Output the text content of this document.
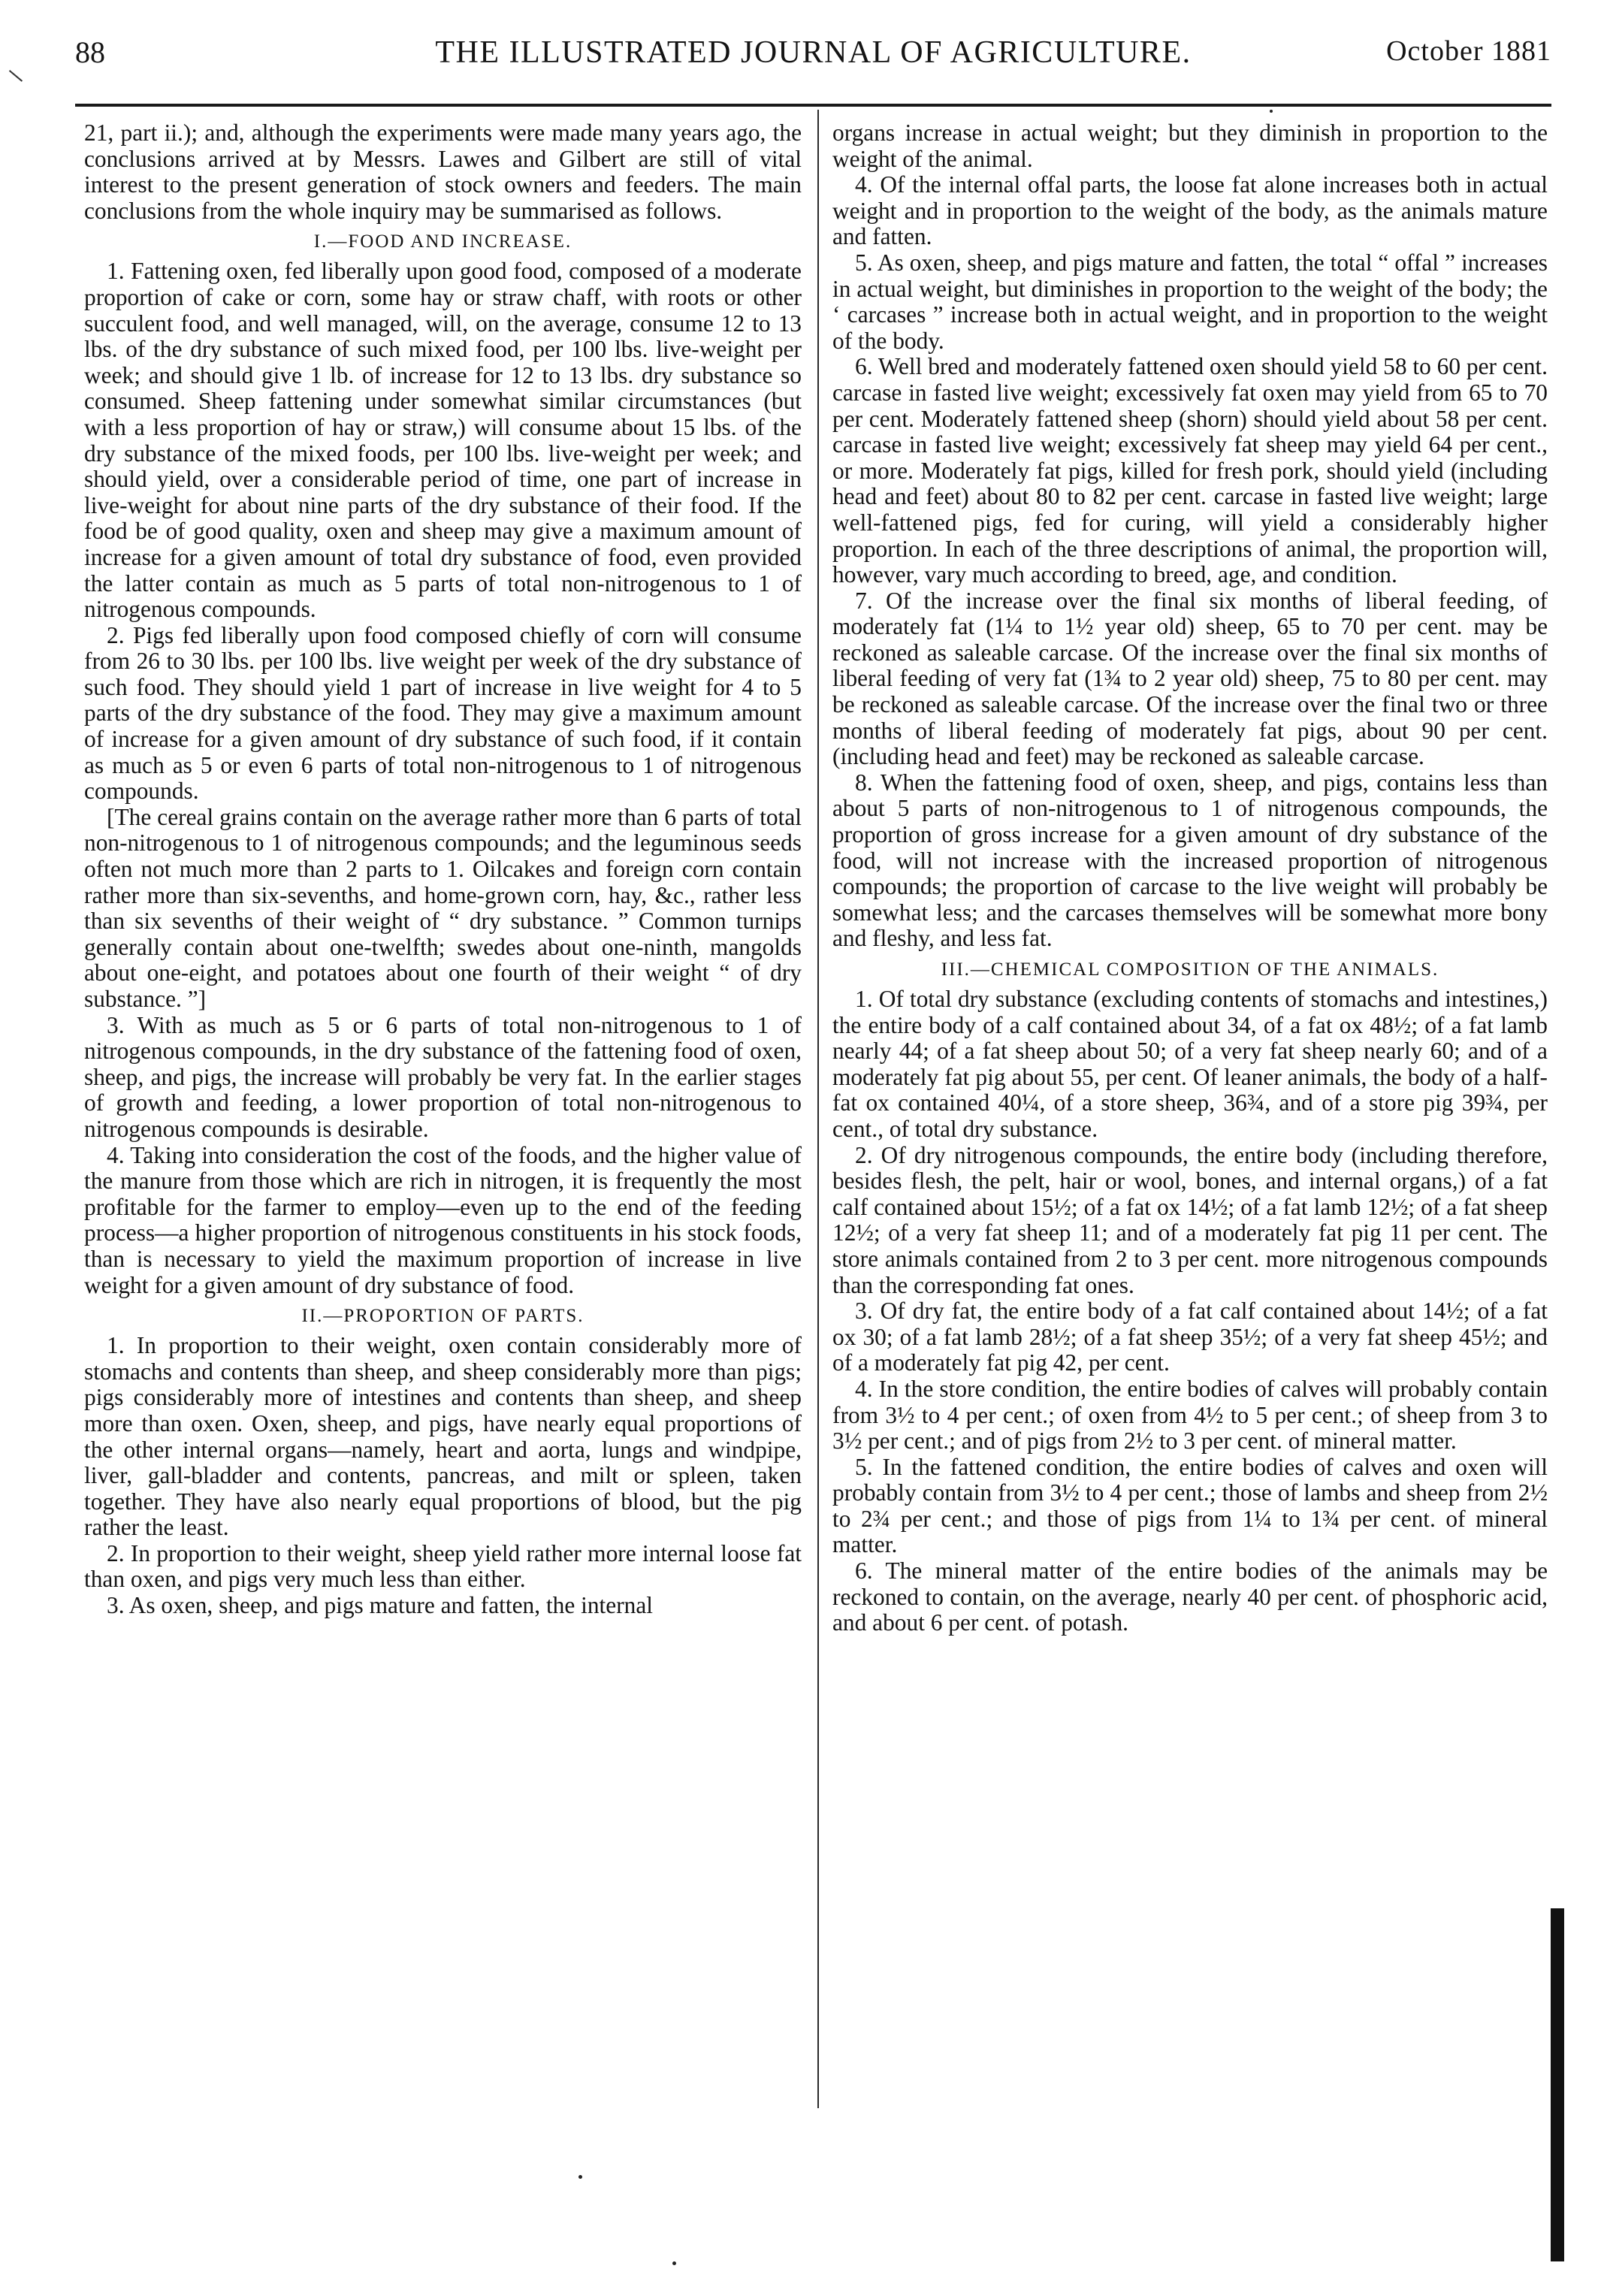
88	THE ILLUSTRATED JOURNAL OF AGRICULTURE.	October 1881

21, part ii.); and, although the experiments were made many years ago, the conclusions arrived at by Messrs. Lawes and Gilbert are still of vital interest to the present generation of stock owners and feeders. The main conclusions from the whole inquiry may be summarised as follows.

I.—FOOD AND INCREASE.

1. Fattening oxen, fed liberally upon good food, composed of a moderate proportion of cake or corn, some hay or straw chaff, with roots or other succulent food, and well managed, will, on the average, consume 12 to 13 lbs. of the dry substance of such mixed food, per 100 lbs. live-weight per week; and should give 1 lb. of increase for 12 to 13 lbs. dry substance so consumed. Sheep fattening under somewhat similar circumstances (but with a less proportion of hay or straw,) will consume about 15 lbs. of the dry substance of the mixed foods, per 100 lbs. live-weight per week; and should yield, over a considerable period of time, one part of increase in live-weight for about nine parts of the dry substance of their food. If the food be of good quality, oxen and sheep may give a maximum amount of increase for a given amount of total dry substance of food, even provided the latter contain as much as 5 parts of total non-nitrogenous to 1 of nitrogenous compounds.

2. Pigs fed liberally upon food composed chiefly of corn will consume from 26 to 30 lbs. per 100 lbs. live weight per week of the dry substance of such food. They should yield 1 part of increase in live weight for 4 to 5 parts of the dry substance of the food. They may give a maximum amount of increase for a given amount of dry substance of such food, if it contain as much as 5 or even 6 parts of total non-nitrogenous to 1 of nitrogenous compounds.

[The cereal grains contain on the average rather more than 6 parts of total non-nitrogenous to 1 of nitrogenous compounds; and the leguminous seeds often not much more than 2 parts to 1. Oilcakes and foreign corn contain rather more than six-sevenths, and home-grown corn, hay, &c., rather less than six sevenths of their weight of “ dry substance. ” Common turnips generally contain about one-twelfth; swedes about one-ninth, mangolds about one-eight, and potatoes about one fourth of their weight “ of dry substance. ”]

3. With as much as 5 or 6 parts of total non-nitrogenous to 1 of nitrogenous compounds, in the dry substance of the fattening food of oxen, sheep, and pigs, the increase will probably be very fat. In the earlier stages of growth and feeding, a lower proportion of total non-nitrogenous to nitrogenous compounds is desirable.

4. Taking into consideration the cost of the foods, and the higher value of the manure from those which are rich in nitrogen, it is frequently the most profitable for the farmer to employ—even up to the end of the feeding process—a higher proportion of nitrogenous constituents in his stock foods, than is necessary to yield the maximum proportion of increase in live weight for a given amount of dry substance of food.

II.—PROPORTION OF PARTS.

1. In proportion to their weight, oxen contain considerably more of stomachs and contents than sheep, and sheep considerably more than pigs; pigs considerably more of intestines and contents than sheep, and sheep more than oxen. Oxen, sheep, and pigs, have nearly equal proportions of the other internal organs—namely, heart and aorta, lungs and windpipe, liver, gall-bladder and contents, pancreas, and milt or spleen, taken together. They have also nearly equal proportions of blood, but the pig rather the least.

2. In proportion to their weight, sheep yield rather more internal loose fat than oxen, and pigs very much less than either.

3. As oxen, sheep, and pigs mature and fatten, the internal

organs increase in actual weight; but they diminish in proportion to the weight of the animal.

4. Of the internal offal parts, the loose fat alone increases both in actual weight and in proportion to the weight of the body, as the animals mature and fatten.

5. As oxen, sheep, and pigs mature and fatten, the total “ offal ” increases in actual weight, but diminishes in proportion to the weight of the body; the ‘ carcases ” increase both in actual weight, and in proportion to the weight of the body.

6. Well bred and moderately fattened oxen should yield 58 to 60 per cent. carcase in fasted live weight; excessively fat oxen may yield from 65 to 70 per cent. Moderately fattened sheep (shorn) should yield about 58 per cent. carcase in fasted live weight; excessively fat sheep may yield 64 per cent., or more. Moderately fat pigs, killed for fresh pork, should yield (including head and feet) about 80 to 82 per cent. carcase in fasted live weight; large well-fattened pigs, fed for curing, will yield a considerably higher proportion. In each of the three descriptions of animal, the proportion will, however, vary much according to breed, age, and condition.

7. Of the increase over the final six months of liberal feeding, of moderately fat (1¼ to 1½ year old) sheep, 65 to 70 per cent. may be reckoned as saleable carcase. Of the increase over the final six months of liberal feeding of very fat (1¾ to 2 year old) sheep, 75 to 80 per cent. may be reckoned as saleable carcase. Of the increase over the final two or three months of liberal feeding of moderately fat pigs, about 90 per cent. (including head and feet) may be reckoned as saleable carcase.

8. When the fattening food of oxen, sheep, and pigs, contains less than about 5 parts of non-nitrogenous to 1 of nitrogenous compounds, the proportion of gross increase for a given amount of dry substance of the food, will not increase with the increased proportion of nitrogenous compounds; the proportion of carcase to the live weight will probably be somewhat less; and the carcases themselves will be somewhat more bony and fleshy, and less fat.

III.—CHEMICAL COMPOSITION OF THE ANIMALS.

1. Of total dry substance (excluding contents of stomachs and intestines,) the entire body of a calf contained about 34, of a fat ox 48½; of a fat lamb nearly 44; of a fat sheep about 50; of a very fat sheep nearly 60; and of a moderately fat pig about 55, per cent. Of leaner animals, the body of a half-fat ox contained 40¼, of a store sheep, 36¾, and of a store pig 39¾, per cent., of total dry substance.

2. Of dry nitrogenous compounds, the entire body (including therefore, besides flesh, the pelt, hair or wool, bones, and internal organs,) of a fat calf contained about 15½; of a fat ox 14½; of a fat lamb 12½; of a fat sheep 12½; of a very fat sheep 11; and of a moderately fat pig 11 per cent. The store animals contained from 2 to 3 per cent. more nitrogenous compounds than the corresponding fat ones.

3. Of dry fat, the entire body of a fat calf contained about 14½; of a fat ox 30; of a fat lamb 28½; of a fat sheep 35½; of a very fat sheep 45½; and of a moderately fat pig 42, per cent.

4. In the store condition, the entire bodies of calves will probably contain from 3½ to 4 per cent.; of oxen from 4½ to 5 per cent.; of sheep from 3 to 3½ per cent.; and of pigs from 2½ to 3 per cent. of mineral matter.

5. In the fattened condition, the entire bodies of calves and oxen will probably contain from 3½ to 4 per cent.; those of lambs and sheep from 2½ to 2¾ per cent.; and those of pigs from 1¼ to 1¾ per cent. of mineral matter.

6. The mineral matter of the entire bodies of the animals may be reckoned to contain, on the average, nearly 40 per cent. of phosphoric acid, and about 6 per cent. of potash.
